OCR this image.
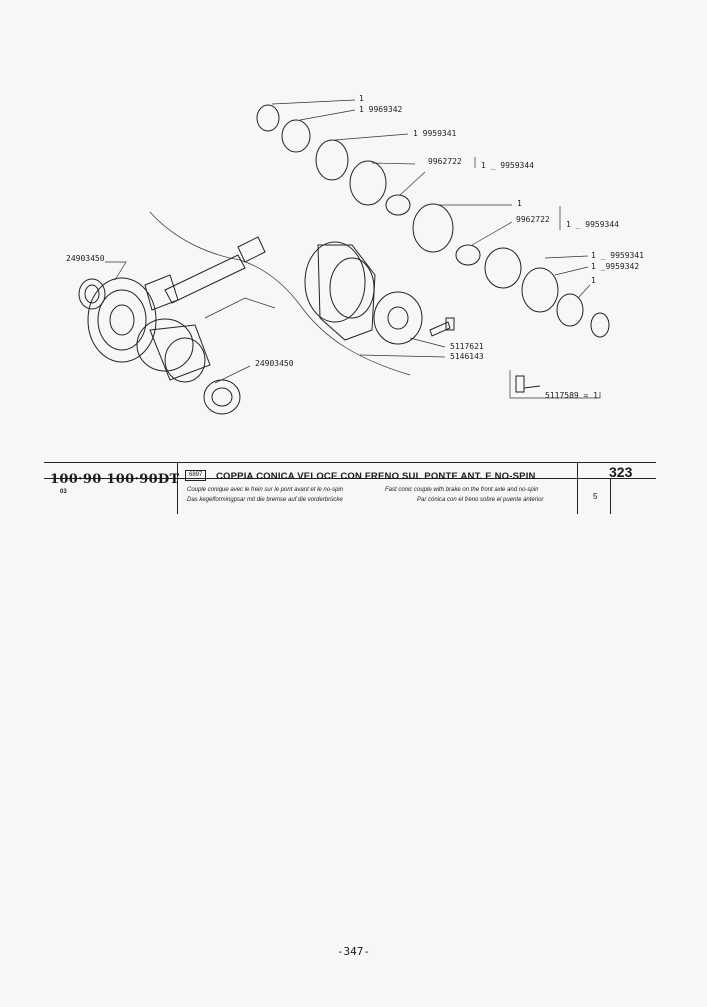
1
1 9969342
1 9959341
9962722 1 _ 9959344
1
9962722
1 _ 9959344
1 _ 9959341
1 _9959342
1
24903450
24903450
5117621
5146143
5117589 = 1
100·90 100·90DT
03
6897	COPPIA CONICA VELOCE CON FRENO SUL PONTE ANT. E NO-SPIN
Couple conique avec le frein sur le pont avant et le no-spin	Fast conic couple with brake on the front axle and no-spin
Das kegelformingpsar mit die bremse auf die vorderbrücke	Par cónica con el freno sobre el puente anterior
323
5
-347-
